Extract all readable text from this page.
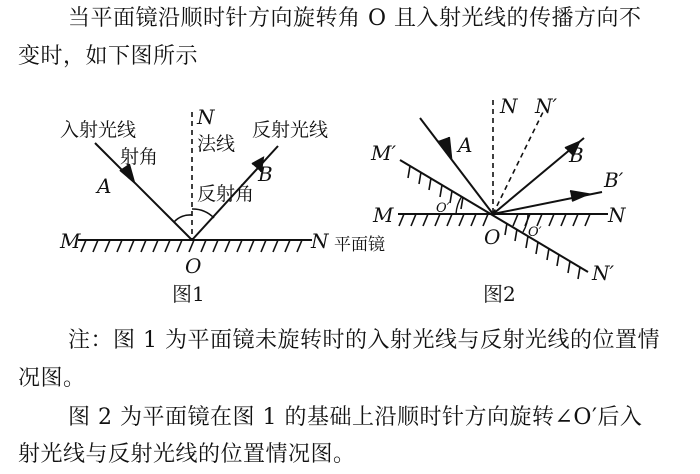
当平面镜沿顺时针方向旋转角 O 且入射光线的传播方向不
变时，如下图所示
入射光线
射角
A
N
法线
反射光线
B
反射角
M
O
N 平面镜
图1
N N′
M′	A	B
B′
M	N
O
O′
O′
N′
图2
注：图 1 为平面镜未旋转时的入射光线与反射光线的位置情
况图。
图 2 为平面镜在图 1 的基础上沿顺时针方向旋转∠O′后入
射光线与反射光线的位置情况图。
